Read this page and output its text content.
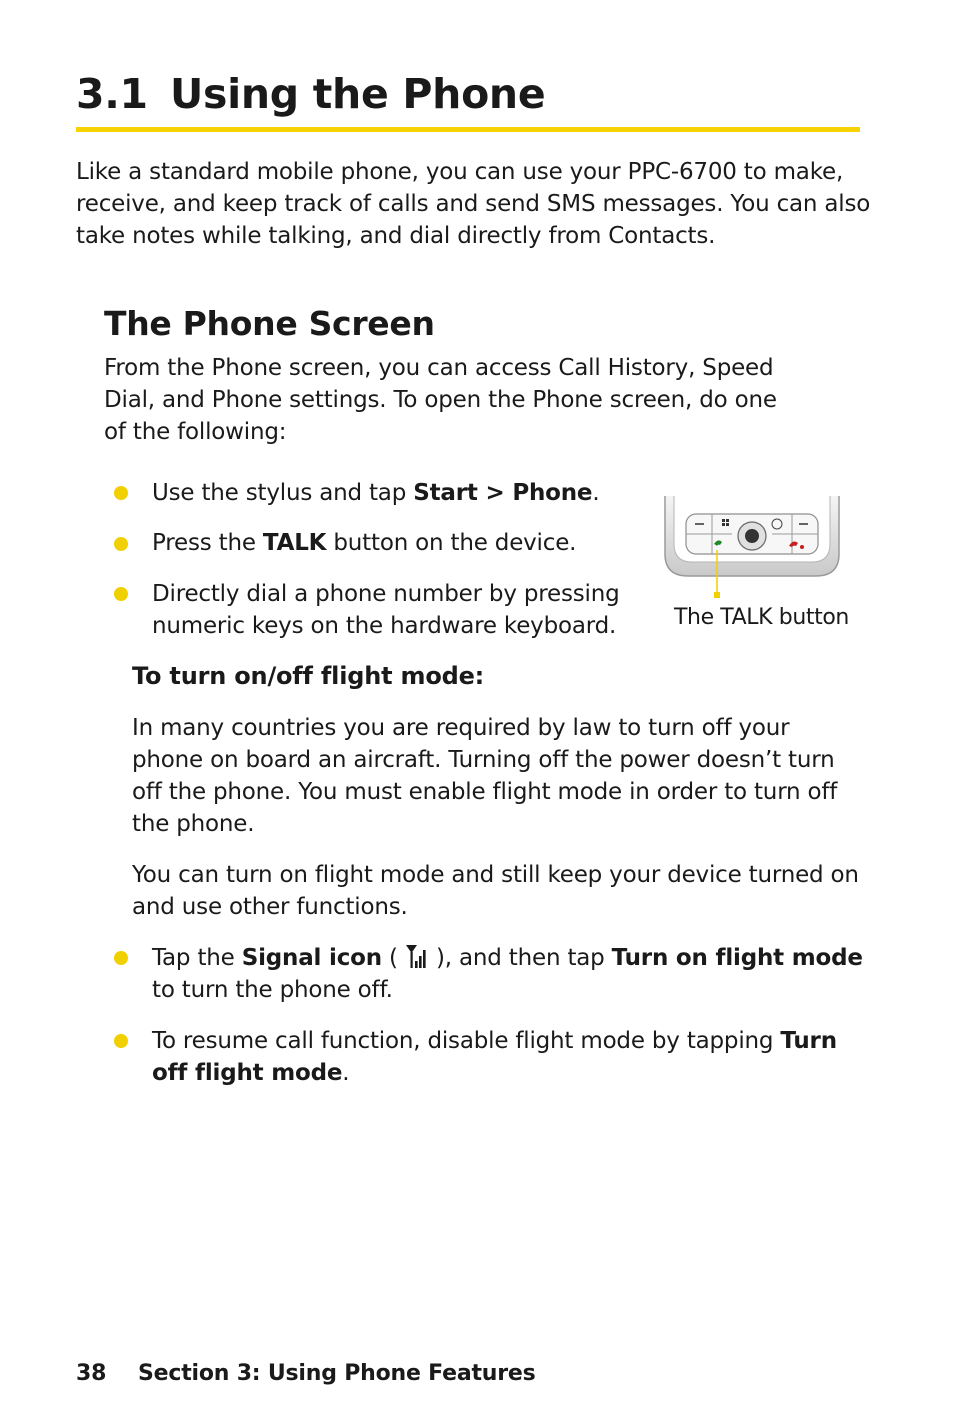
3.1 Using the Phone

Like a standard mobile phone, you can use your PPC-6700 to make, receive, and keep track of calls and send SMS messages. You can also take notes while talking, and dial directly from Contacts.

The Phone Screen

From the Phone screen, you can access Call History, Speed Dial, and Phone settings. To open the Phone screen, do one of the following:

Use the stylus and tap Start > Phone.

Press the TALK button on the device.

Directly dial a phone number by pressing numeric keys on the hardware keyboard.	The TALK button

To turn on/off flight mode:

In many countries you are required by law to turn off your phone on board an aircraft. Turning off the power doesn’t turn off the phone. You must enable flight mode in order to turn off the phone.

You can turn on flight mode and still keep your device turned on and use other functions.

Tap the Signal icon (  ), and then tap Turn on flight mode to turn the phone off.

To resume call function, disable flight mode by tapping Turn off flight mode.

38 Section 3: Using Phone Features
